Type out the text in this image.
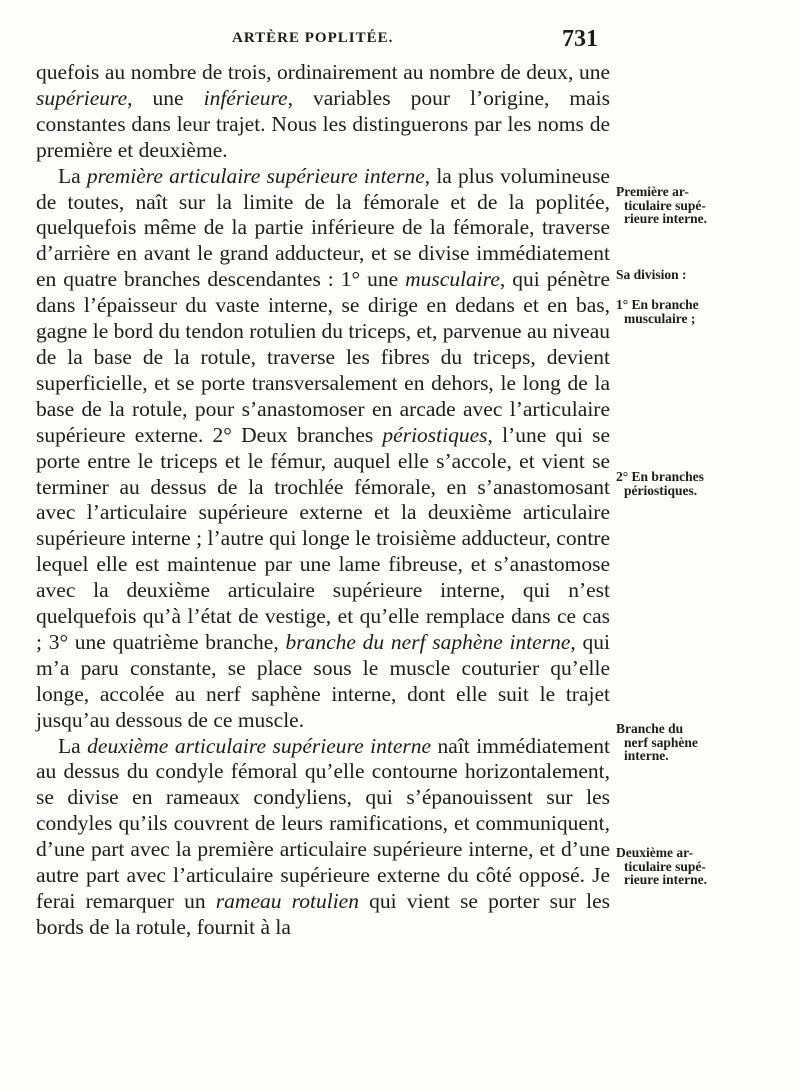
ARTÈRE POPLITÉE.	731

quefois au nombre de trois, ordinairement au nombre de deux, une supérieure, une inférieure, variables pour l’origine, mais constantes dans leur trajet. Nous les distinguerons par les noms de première et deuxième.

La première articulaire supérieure interne, la plus volumineuse de toutes, naît sur la limite de la fémorale et de la poplitée, quelquefois même de la partie inférieure de la fémorale, traverse d’arrière en avant le grand adducteur, et se divise immédiatement en quatre branches descendantes : 1° une musculaire, qui pénètre dans l’épaisseur du vaste interne, se dirige en dedans et en bas, gagne le bord du tendon rotulien du triceps, et, parvenue au niveau de la base de la rotule, traverse les fibres du triceps, devient superficielle, et se porte transversalement en dehors, le long de la base de la rotule, pour s’anastomoser en arcade avec l’articulaire supérieure externe. 2° Deux branches périostiques, l’une qui se porte entre le triceps et le fémur, auquel elle s’accole, et vient se terminer au dessus de la trochlée fémorale, en s’anastomosant avec l’articulaire supérieure externe et la deuxième articulaire supérieure interne ; l’autre qui longe le troisième adducteur, contre lequel elle est maintenue par une lame fibreuse, et s’anastomose avec la deuxième articulaire supérieure interne, qui n’est quelquefois qu’à l’état de vestige, et qu’elle remplace dans ce cas ; 3° une quatrième branche, branche du nerf saphène interne, qui m’a paru constante, se place sous le muscle couturier qu’elle longe, accolée au nerf saphène interne, dont elle suit le trajet jusqu’au dessous de ce muscle.

La deuxième articulaire supérieure interne naît immédiatement au dessus du condyle fémoral qu’elle contourne horizontalement, se divise en rameaux condyliens, qui s’épanouissent sur les condyles qu’ils couvrent de leurs ramifications, et communiquent, d’une part avec la première articulaire supérieure interne, et d’une autre part avec l’articulaire supérieure externe du côté opposé. Je ferai remarquer un rameau rotulien qui vient se porter sur les bords de la rotule, fournit à la

Première ar-
ticulaire supé-
rieure interne.
Sa division :
1° En branche
musculaire ;
2° En branches
périostiques.
Branche du
nerf saphène
interne.
Deuxième ar-
ticulaire supé-
rieure interne.
